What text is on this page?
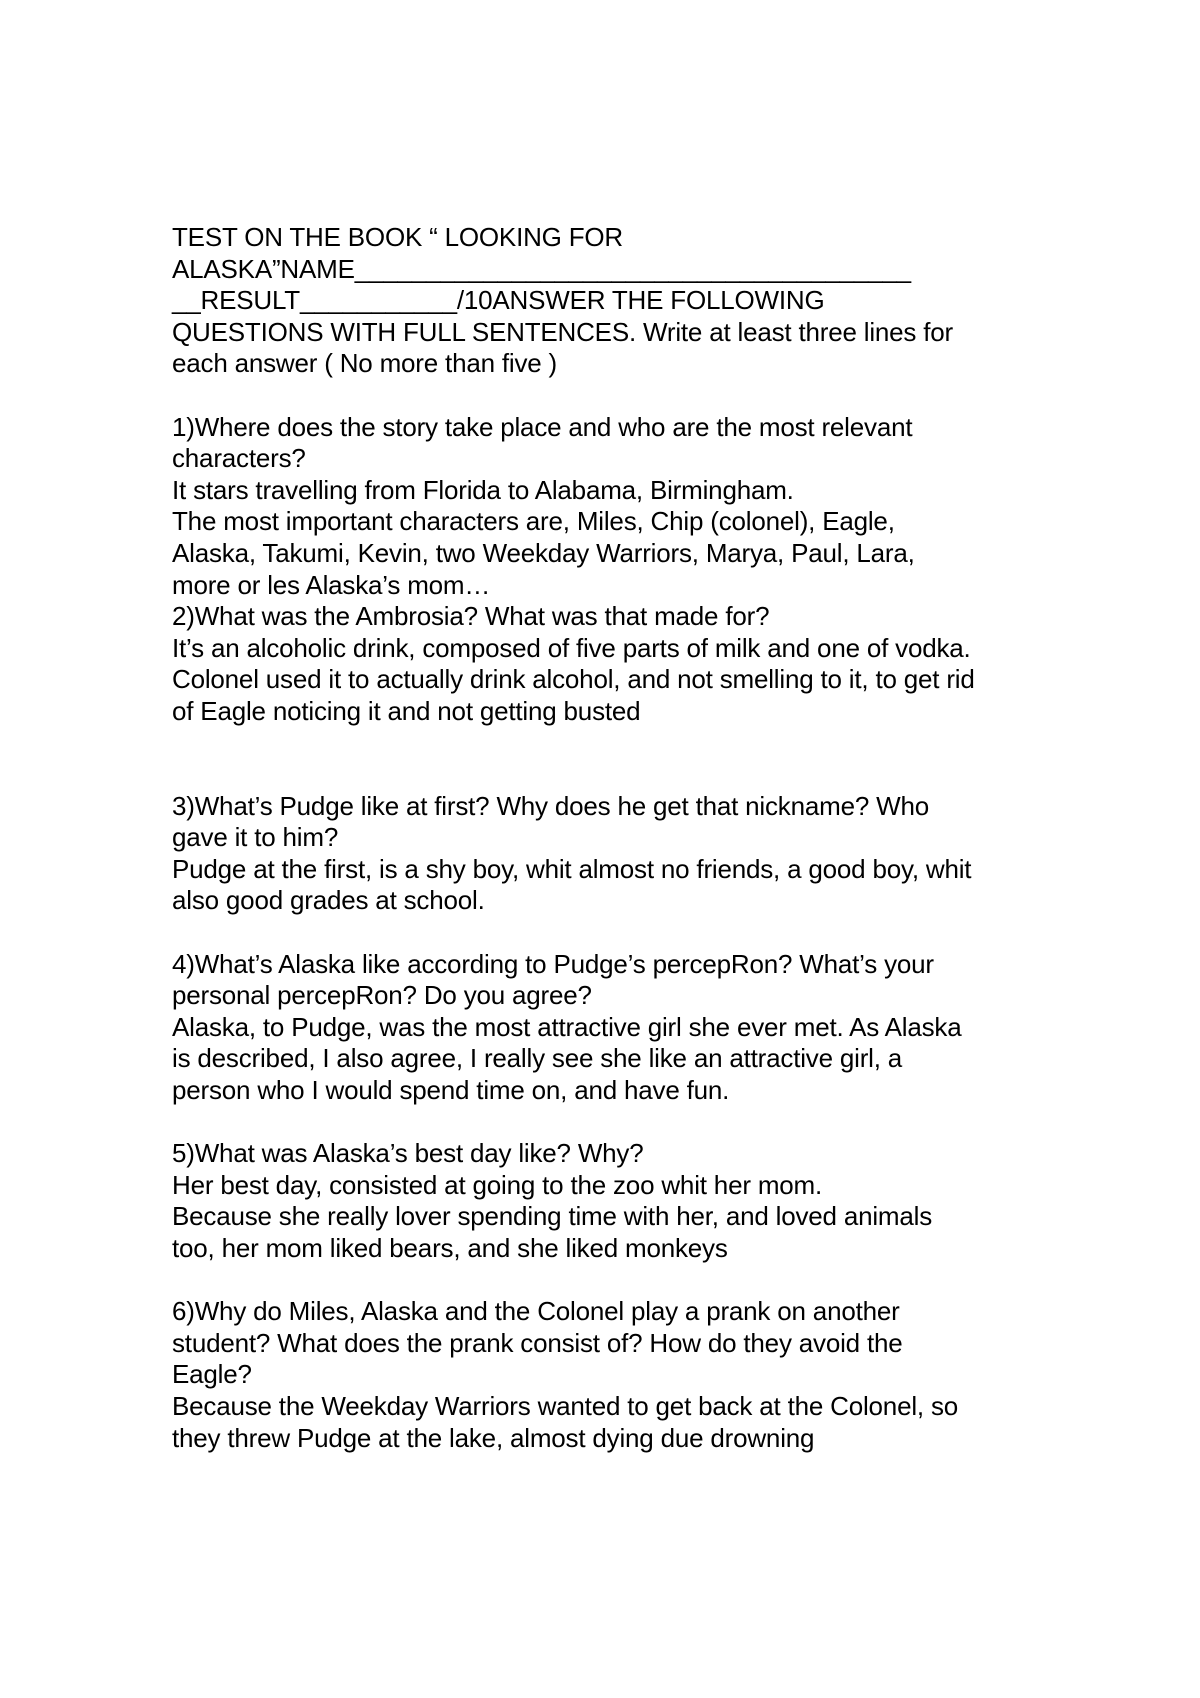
TEST ON THE BOOK “ LOOKING FOR
ALASKA”NAME_______________________________________
__RESULT___________/10ANSWER THE FOLLOWING
QUESTIONS WITH FULL SENTENCES. Write at least three lines for
each answer ( No more than five )
1)Where does the story take place and who are the most relevant
characters?
It stars travelling from Florida to Alabama, Birmingham.
The most important characters are, Miles, Chip (colonel), Eagle,
Alaska, Takumi, Kevin, two Weekday Warriors, Marya, Paul, Lara,
more or les Alaska’s mom…
2)What was the Ambrosia? What was that made for?
It’s an alcoholic drink, composed of five parts of milk and one of vodka.
Colonel used it to actually drink alcohol, and not smelling to it, to get rid
of Eagle noticing it and not getting busted
3)What’s Pudge like at first? Why does he get that nickname? Who
gave it to him?
Pudge at the first, is a shy boy, whit almost no friends, a good boy, whit
also good grades at school.
4)What’s Alaska like according to Pudge’s percepRon? What’s your
personal percepRon? Do you agree?
Alaska, to Pudge, was the most attractive girl she ever met. As Alaska
is described, I also agree, I really see she like an attractive girl, a
person who I would spend time on, and have fun.
5)What was Alaska’s best day like? Why?
Her best day, consisted at going to the zoo whit her mom.
Because she really lover spending time with her, and loved animals
too, her mom liked bears, and she liked monkeys
6)Why do Miles, Alaska and the Colonel play a prank on another
student? What does the prank consist of? How do they avoid the
Eagle?
Because the Weekday Warriors wanted to get back at the Colonel, so
they threw Pudge at the lake, almost dying due drowning
